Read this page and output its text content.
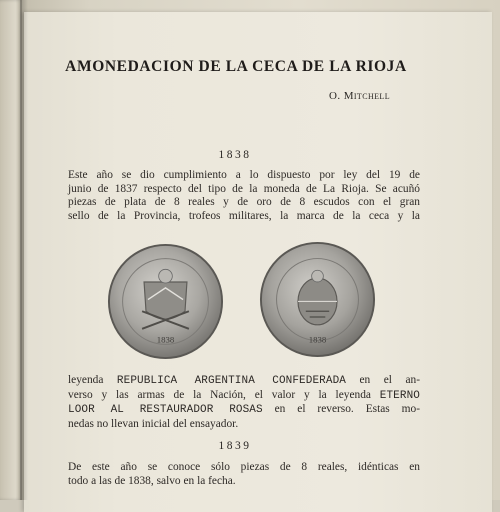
AMONEDACION DE LA CECA DE LA RIOJA
O. Mitchell
1838
Este año se dio cumplimiento a lo dispuesto por ley del 19 de
junio de 1837 respecto del tipo de la moneda de La Rioja. Se acuñó
piezas de plata de 8 reales y de oro de 8 escudos con el gran
sello de la Provincia, trofeos militares, la marca de la ceca y la
1838	1838
leyenda REPUBLICA ARGENTINA CONFEDERADA en el an-
verso y las armas de la Nación, el valor y la leyenda ETERNO
LOOR AL RESTAURADOR ROSAS en el reverso. Estas mo-
nedas no llevan inicial del ensayador.
1839
De este año se conoce sólo piezas de 8 reales, idénticas en
todo a las de 1838, salvo en la fecha.
